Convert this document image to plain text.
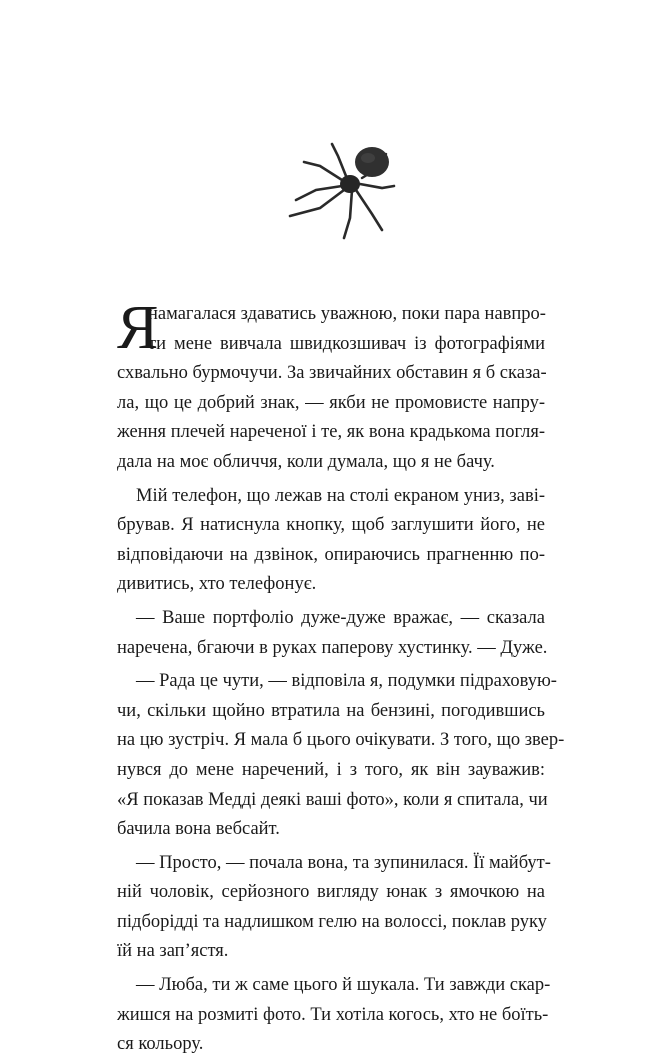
Я
намагалася здаватись уважною, поки пара навпро-
ти мене вивчала швидкозшивач із фотографіями
схвально бурмочучи. За звичайних обставин я б сказа-
ла, що це добрий знак, — якби не промовисте напру-
ження плечей нареченої і те, як вона крадькома погля-
дала на моє обличчя, коли думала, що я не бачу.
Мій телефон, що лежав на столі екраном униз, заві-
брував. Я натиснула кнопку, щоб заглушити його, не
відповідаючи на дзвінок, опираючись прагненню по-
дивитись, хто телефонує.
— Ваше портфоліо дуже-дуже вражає, — сказала
наречена, бгаючи в руках паперову хустинку. — Дуже.
— Рада це чути, — відповіла я, подумки підраховую-
чи, скільки щойно втратила на бензині, погодившись
на цю зустріч. Я мала б цього очікувати. З того, що звер-
нувся до мене наречений, і з того, як він зауважив:
«Я показав Медді деякі ваші фото», коли я спитала, чи
бачила вона вебсайт.
— Просто, — почала вона, та зупинилася. Її майбут-
ній чоловік, серйозного вигляду юнак з ямочкою на
підборідді та надлишком гелю на волоссі, поклав руку
їй на зап’ястя.
— Люба, ти ж саме цього й шукала. Ти завжди скар-
жишся на розмиті фото. Ти хотіла когось, хто не боїть-
ся кольору.
